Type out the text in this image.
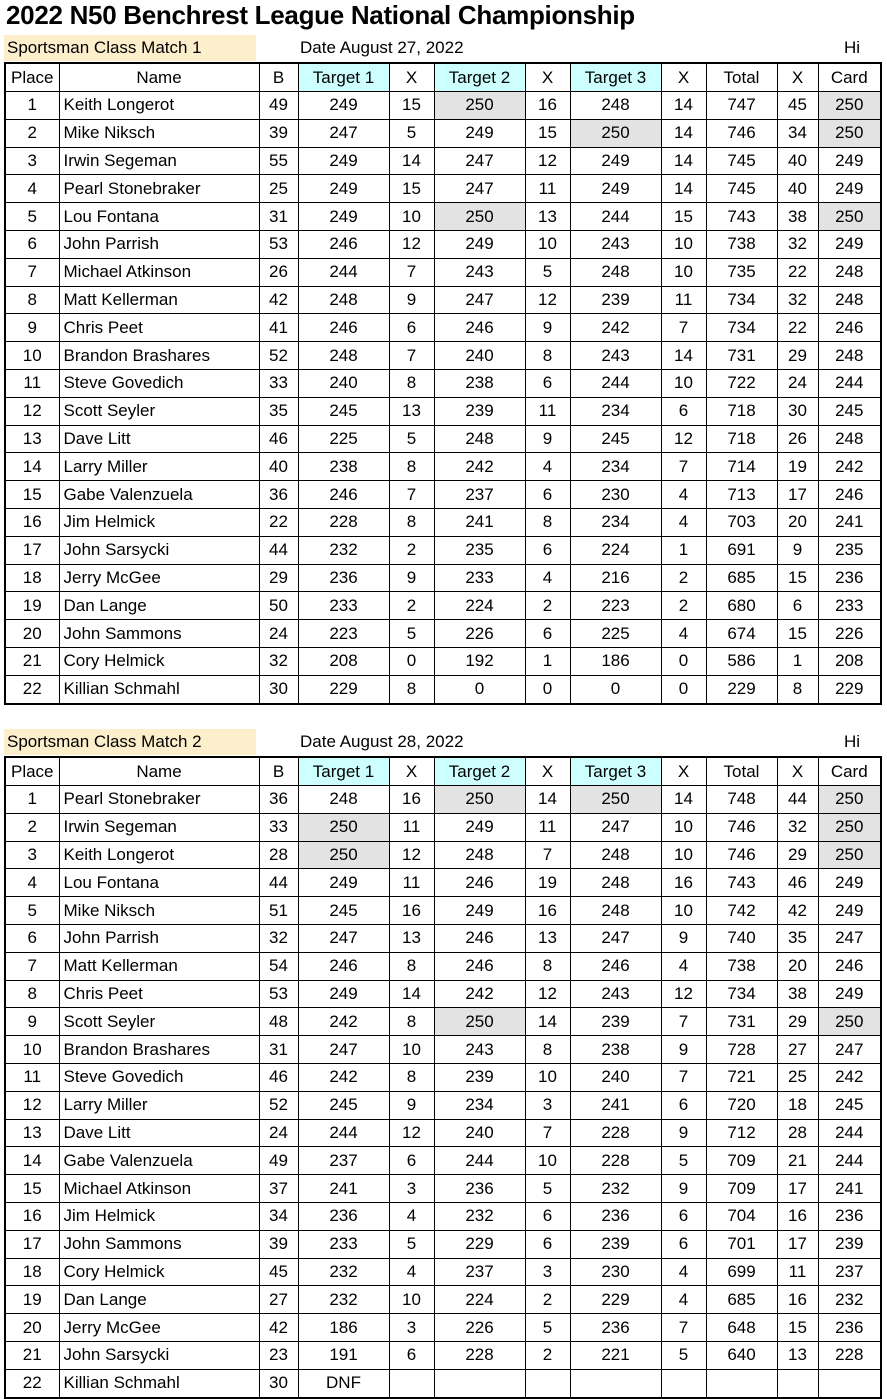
2022 N50 Benchrest League National Championship
Sportsman Class Match 1	Date August 27, 2022	Hi
Place	Name	B	Target 1	X	Target 2	X	Target 3	X	Total	X	Card
1	Keith Longerot	49	249	15	250	16	248	14	747	45	250
2	Mike Niksch	39	247	5	249	15	250	14	746	34	250
3	Irwin Segeman	55	249	14	247	12	249	14	745	40	249
4	Pearl Stonebraker	25	249	15	247	11	249	14	745	40	249
5	Lou Fontana	31	249	10	250	13	244	15	743	38	250
6	John Parrish	53	246	12	249	10	243	10	738	32	249
7	Michael Atkinson	26	244	7	243	5	248	10	735	22	248
8	Matt Kellerman	42	248	9	247	12	239	11	734	32	248
9	Chris Peet	41	246	6	246	9	242	7	734	22	246
10	Brandon Brashares	52	248	7	240	8	243	14	731	29	248
11	Steve Govedich	33	240	8	238	6	244	10	722	24	244
12	Scott Seyler	35	245	13	239	11	234	6	718	30	245
13	Dave Litt	46	225	5	248	9	245	12	718	26	248
14	Larry Miller	40	238	8	242	4	234	7	714	19	242
15	Gabe Valenzuela	36	246	7	237	6	230	4	713	17	246
16	Jim Helmick	22	228	8	241	8	234	4	703	20	241
17	John Sarsycki	44	232	2	235	6	224	1	691	9	235
18	Jerry McGee	29	236	9	233	4	216	2	685	15	236
19	Dan Lange	50	233	2	224	2	223	2	680	6	233
20	John Sammons	24	223	5	226	6	225	4	674	15	226
21	Cory Helmick	32	208	0	192	1	186	0	586	1	208
22	Killian Schmahl	30	229	8	0	0	0	0	229	8	229
Sportsman Class Match 2	Date August 28, 2022	Hi
Place	Name	B	Target 1	X	Target 2	X	Target 3	X	Total	X	Card
1	Pearl Stonebraker	36	248	16	250	14	250	14	748	44	250
2	Irwin Segeman	33	250	11	249	11	247	10	746	32	250
3	Keith Longerot	28	250	12	248	7	248	10	746	29	250
4	Lou Fontana	44	249	11	246	19	248	16	743	46	249
5	Mike Niksch	51	245	16	249	16	248	10	742	42	249
6	John Parrish	32	247	13	246	13	247	9	740	35	247
7	Matt Kellerman	54	246	8	246	8	246	4	738	20	246
8	Chris Peet	53	249	14	242	12	243	12	734	38	249
9	Scott Seyler	48	242	8	250	14	239	7	731	29	250
10	Brandon Brashares	31	247	10	243	8	238	9	728	27	247
11	Steve Govedich	46	242	8	239	10	240	7	721	25	242
12	Larry Miller	52	245	9	234	3	241	6	720	18	245
13	Dave Litt	24	244	12	240	7	228	9	712	28	244
14	Gabe Valenzuela	49	237	6	244	10	228	5	709	21	244
15	Michael Atkinson	37	241	3	236	5	232	9	709	17	241
16	Jim Helmick	34	236	4	232	6	236	6	704	16	236
17	John Sammons	39	233	5	229	6	239	6	701	17	239
18	Cory Helmick	45	232	4	237	3	230	4	699	11	237
19	Dan Lange	27	232	10	224	2	229	4	685	16	232
20	Jerry McGee	42	186	3	226	5	236	7	648	15	236
21	John Sarsycki	23	191	6	228	2	221	5	640	13	228
22	Killian Schmahl	30	DNF								
